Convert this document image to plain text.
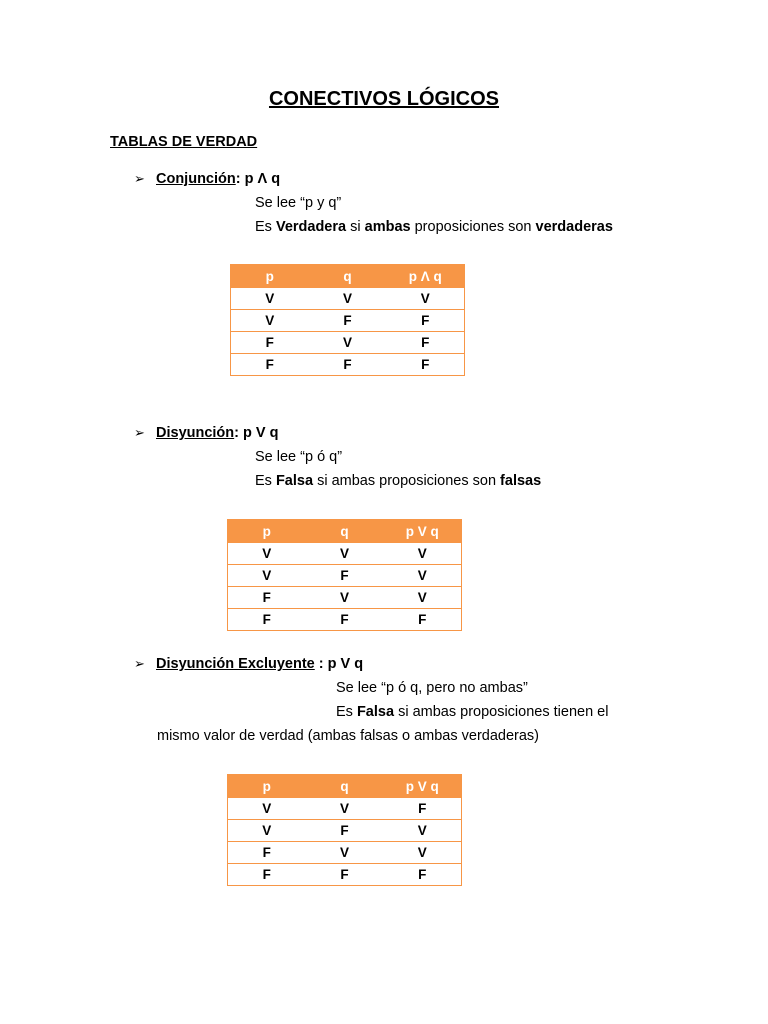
CONECTIVOS LÓGICOS
TABLAS DE VERDAD
➢ Conjunción: p Λ q
Se lee “p y q”
Es Verdadera si ambas proposiciones son verdaderas
p	q	p Λ q
V	V	V
V	F	F
F	V	F
F	F	F
➢ Disyunción: p V q
Se lee “p ó q”
Es Falsa si ambas proposiciones son falsas
p	q	p V q
V	V	V
V	F	V
F	V	V
F	F	F
➢ Disyunción Excluyente : p V q
Se lee “p ó q, pero no ambas”
Es Falsa si ambas proposiciones tienen el
mismo valor de verdad (ambas falsas o ambas verdaderas)
p	q	p V q
V	V	F
V	F	V
F	V	V
F	F	F
